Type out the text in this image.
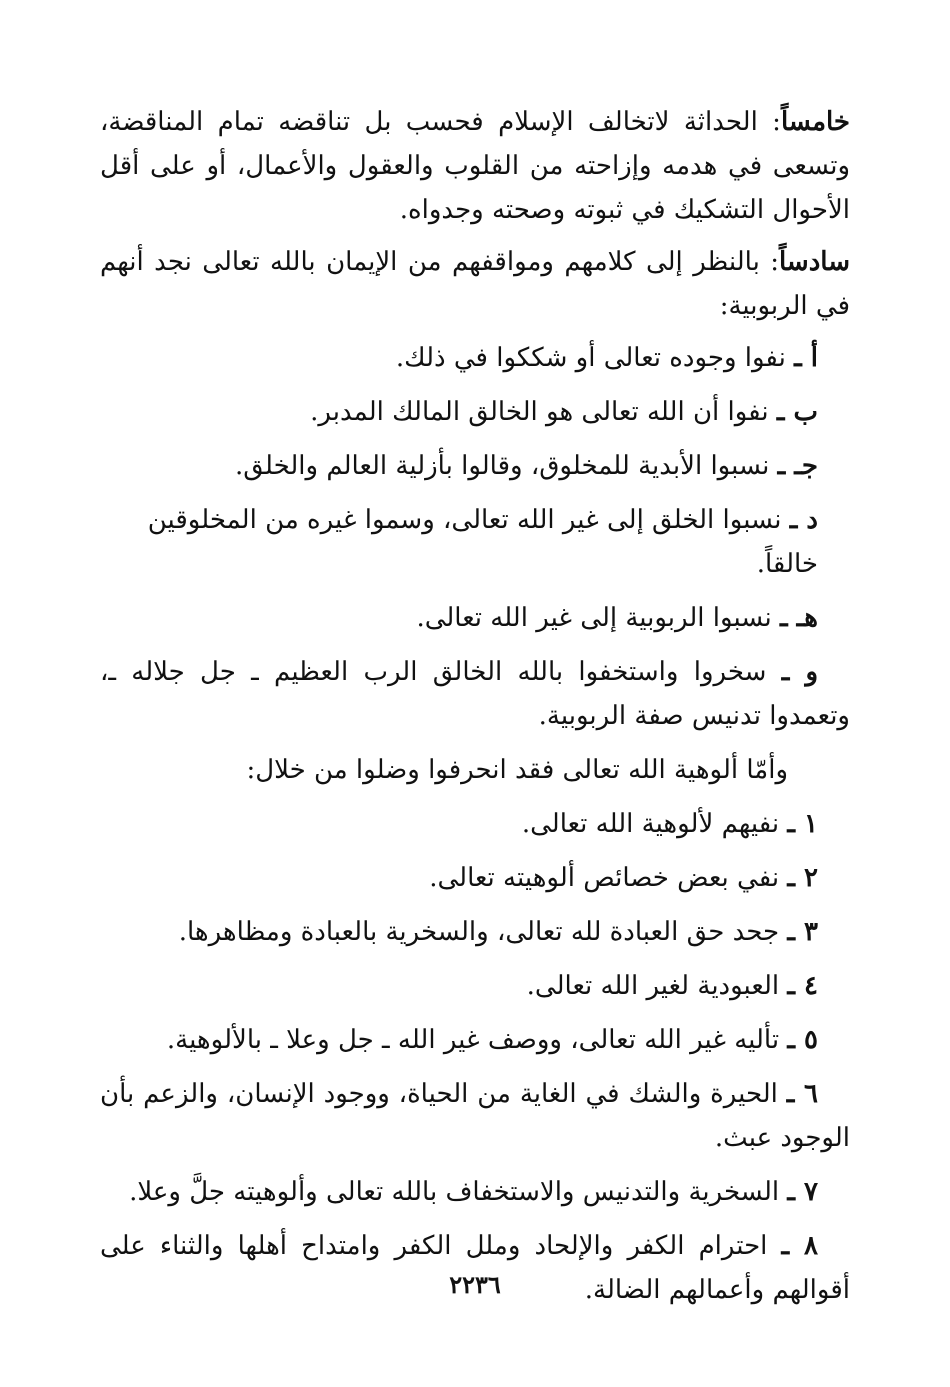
خامساً: الحداثة لاتخالف الإسلام فحسب بل تناقضه تمام المناقضة، وتسعى في هدمه وإزاحته من القلوب والعقول والأعمال، أو على أقل الأحوال التشكيك في ثبوته وصحته وجدواه.

سادساً: بالنظر إلى كلامهم ومواقفهم من الإيمان بالله تعالى نجد أنهم في الربوبية:

أ ـ نفوا وجوده تعالى أو شككوا في ذلك.

ب ـ نفوا أن الله تعالى هو الخالق المالك المدبر.

جـ ـ نسبوا الأبدية للمخلوق، وقالوا بأزلية العالم والخلق.

د ـ نسبوا الخلق إلى غير الله تعالى، وسموا غيره من المخلوقين خالقاً.

هـ ـ نسبوا الربوبية إلى غير الله تعالى.

و ـ سخروا واستخفوا بالله الخالق الرب العظيم ـ جل جلاله ـ، وتعمدوا تدنيس صفة الربوبية.

وأمّا ألوهية الله تعالى فقد انحرفوا وضلوا من خلال:

١ ـ نفيهم لألوهية الله تعالى.

٢ ـ نفي بعض خصائص ألوهيته تعالى.

٣ ـ جحد حق العبادة لله تعالى، والسخرية بالعبادة ومظاهرها.

٤ ـ العبودية لغير الله تعالى.

٥ ـ تأليه غير الله تعالى، ووصف غير الله ـ جل وعلا ـ بالألوهية.

٦ ـ الحيرة والشك في الغاية من الحياة، ووجود الإنسان، والزعم بأن الوجود عبث.

٧ ـ السخرية والتدنيس والاستخفاف بالله تعالى وألوهيته جلَّ وعلا.

٨ ـ احترام الكفر والإلحاد وملل الكفر وامتداح أهلها والثناء على أقوالهم وأعمالهم الضالة.

٢٢٣٦
